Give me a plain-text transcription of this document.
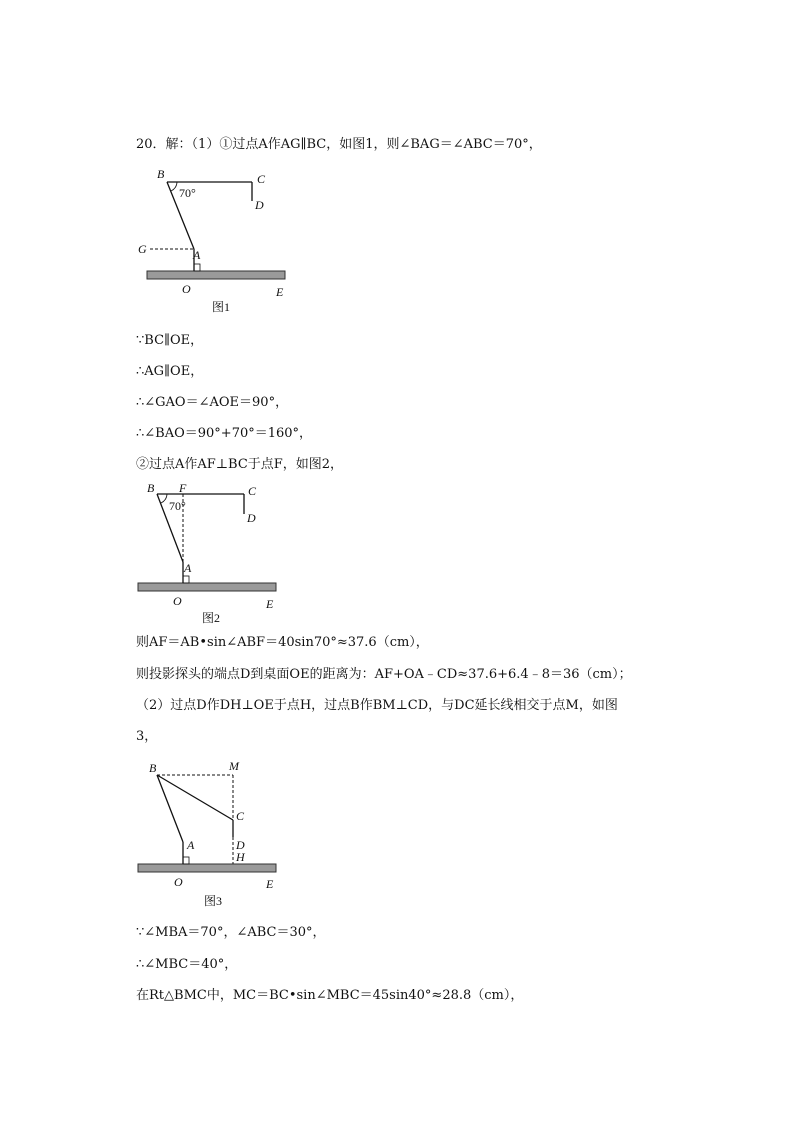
20．解：（1）①过点A作AG∥BC，如图1，则∠BAG＝∠ABC＝70°，
B
70°
C
D
G	A
O	E
图1
∵BC∥OE，
∴AG∥OE，
∴∠GAO＝∠AOE＝90°，
∴∠BAO＝90°+70°＝160°，
②过点A作AF⊥BC于点F，如图2，
B F
70°
C
D
A
O	E
图2
则AF＝AB•sin∠ABF＝40sin70°≈37.6（cm），
则投影探头的端点D到桌面OE的距离为：AF+OA﹣CD≈37.6+6.4﹣8＝36（cm）；
（2）过点D作DH⊥OE于点H，过点B作BM⊥CD，与DC延长线相交于点M，如图
3，
B	M
C
D
H
A
O	E
图3
∵∠MBA＝70°，∠ABC＝30°，
∴∠MBC＝40°，
在Rt△BMC中，MC＝BC•sin∠MBC＝45sin40°≈28.8（cm），
